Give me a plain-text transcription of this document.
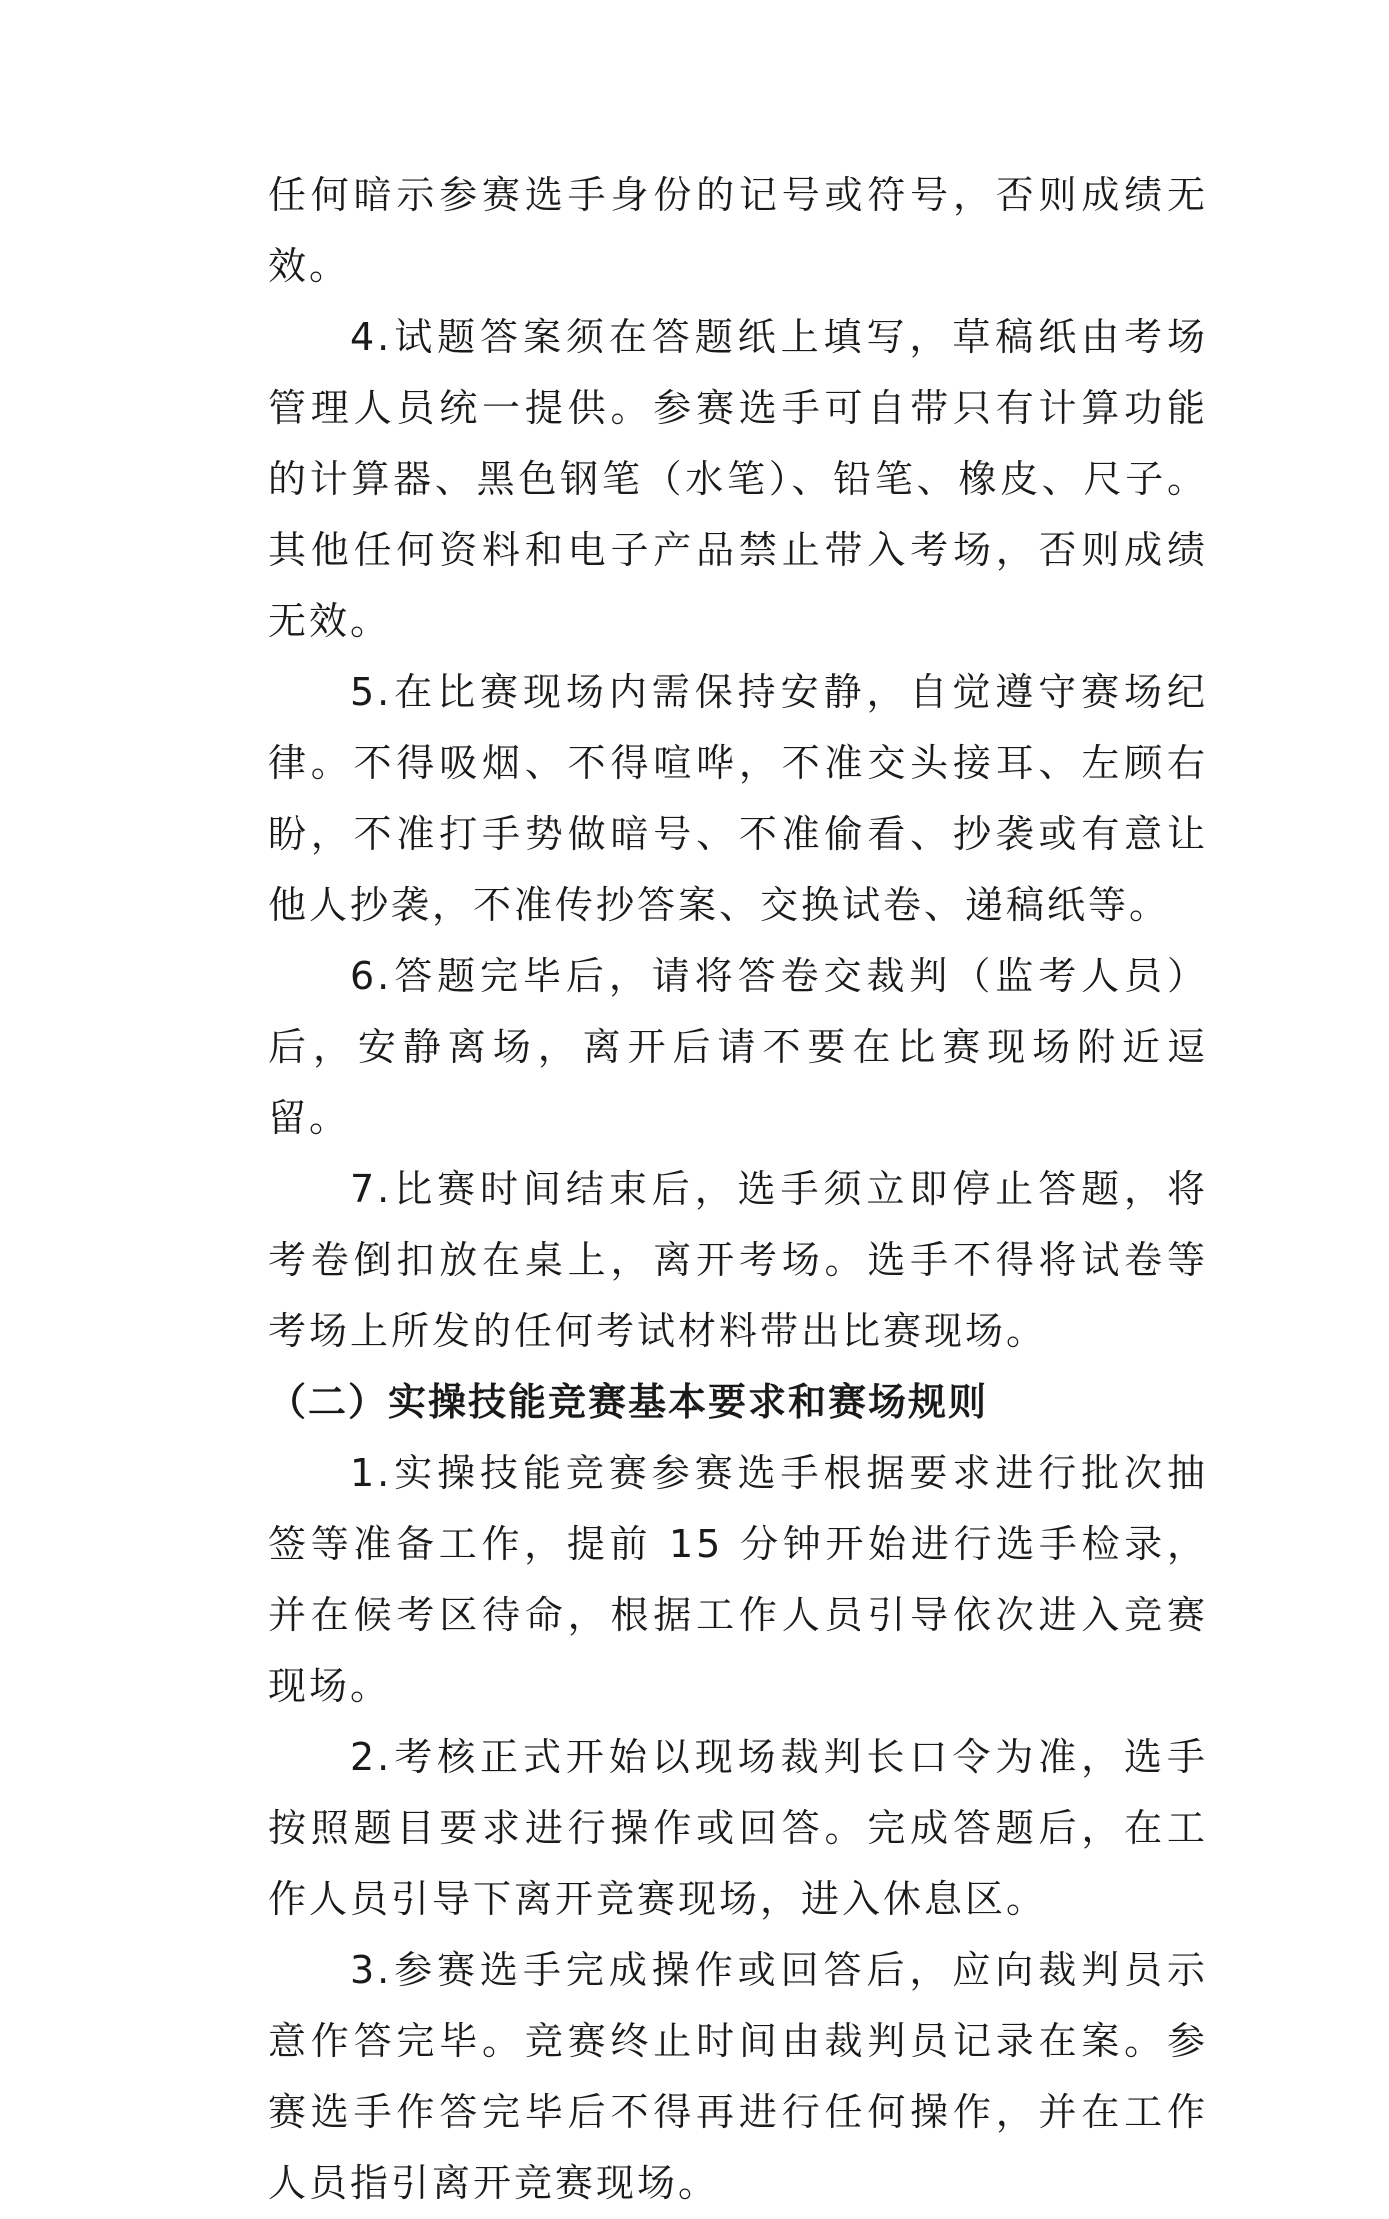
任何暗示参赛选手身份的记号或符号，否则成绩无效。

4.试题答案须在答题纸上填写，草稿纸由考场管理人员统一提供。参赛选手可自带只有计算功能的计算器、黑色钢笔（水笔）、铅笔、橡皮、尺子。其他任何资料和电子产品禁止带入考场，否则成绩无效。

5.在比赛现场内需保持安静，自觉遵守赛场纪律。不得吸烟、不得喧哗，不准交头接耳、左顾右盼，不准打手势做暗号、不准偷看、抄袭或有意让他人抄袭，不准传抄答案、交换试卷、递稿纸等。

6.答题完毕后，请将答卷交裁判（监考人员）后，安静离场，离开后请不要在比赛现场附近逗留。

7.比赛时间结束后，选手须立即停止答题，将考卷倒扣放在桌上，离开考场。选手不得将试卷等考场上所发的任何考试材料带出比赛现场。

（二）实操技能竞赛基本要求和赛场规则

1.实操技能竞赛参赛选手根据要求进行批次抽签等准备工作，提前 15 分钟开始进行选手检录，并在候考区待命，根据工作人员引导依次进入竞赛现场。

2.考核正式开始以现场裁判长口令为准，选手按照题目要求进行操作或回答。完成答题后，在工作人员引导下离开竞赛现场，进入休息区。

3.参赛选手完成操作或回答后，应向裁判员示意作答完毕。竞赛终止时间由裁判员记录在案。参赛选手作答完毕后不得再进行任何操作，并在工作人员指引离开竞赛现场。
